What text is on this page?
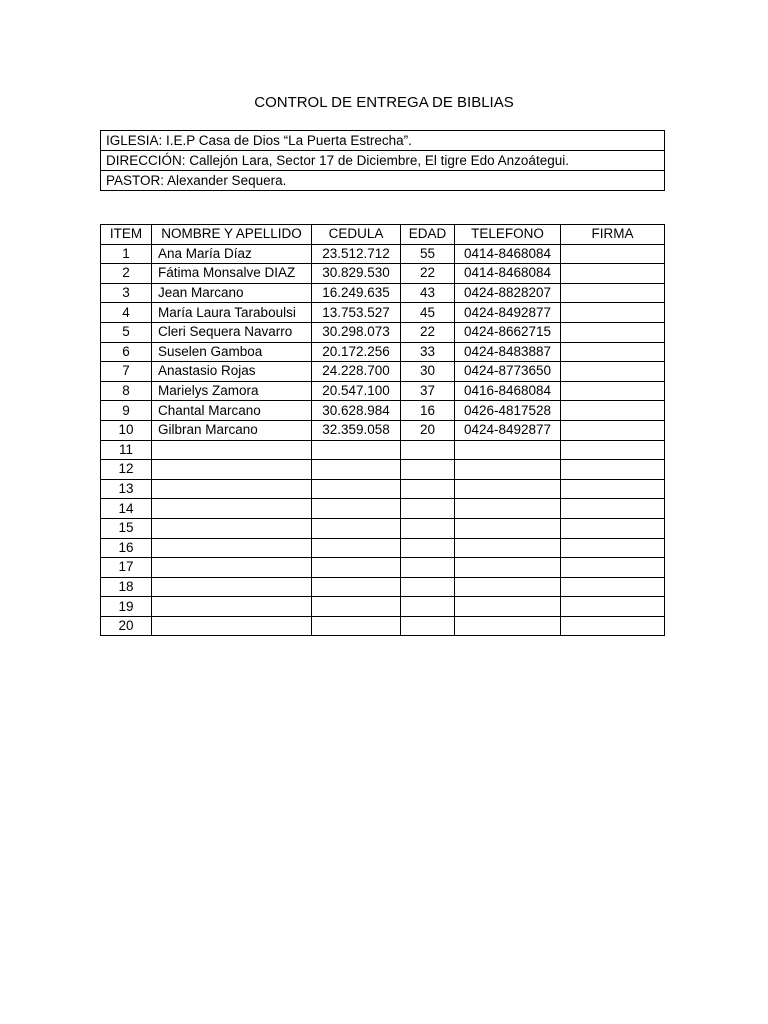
CONTROL DE ENTREGA DE BIBLIAS
IGLESIA: I.E.P Casa de Dios “La Puerta Estrecha”.
DIRECCIÓN: Callejón Lara, Sector 17 de Diciembre, El tigre Edo Anzoátegui.
PASTOR: Alexander Sequera.
ITEM	NOMBRE Y APELLIDO	CEDULA	EDAD	TELEFONO	FIRMA
1	Ana María Díaz	23.512.712	55	0414-8468084	
2	Fátima Monsalve DIAZ	30.829.530	22	0414-8468084	
3	Jean Marcano	16.249.635	43	0424-8828207	
4	María Laura Taraboulsi	13.753.527	45	0424-8492877	
5	Cleri Sequera Navarro	30.298.073	22	0424-8662715	
6	Suselen Gamboa	20.172.256	33	0424-8483887	
7	Anastasio Rojas	24.228.700	30	0424-8773650	
8	Marielys Zamora	20.547.100	37	0416-8468084	
9	Chantal Marcano	30.628.984	16	0426-4817528	
10	Gilbran Marcano	32.359.058	20	0424-8492877	
11					
12					
13					
14					
15					
16					
17					
18					
19					
20					
